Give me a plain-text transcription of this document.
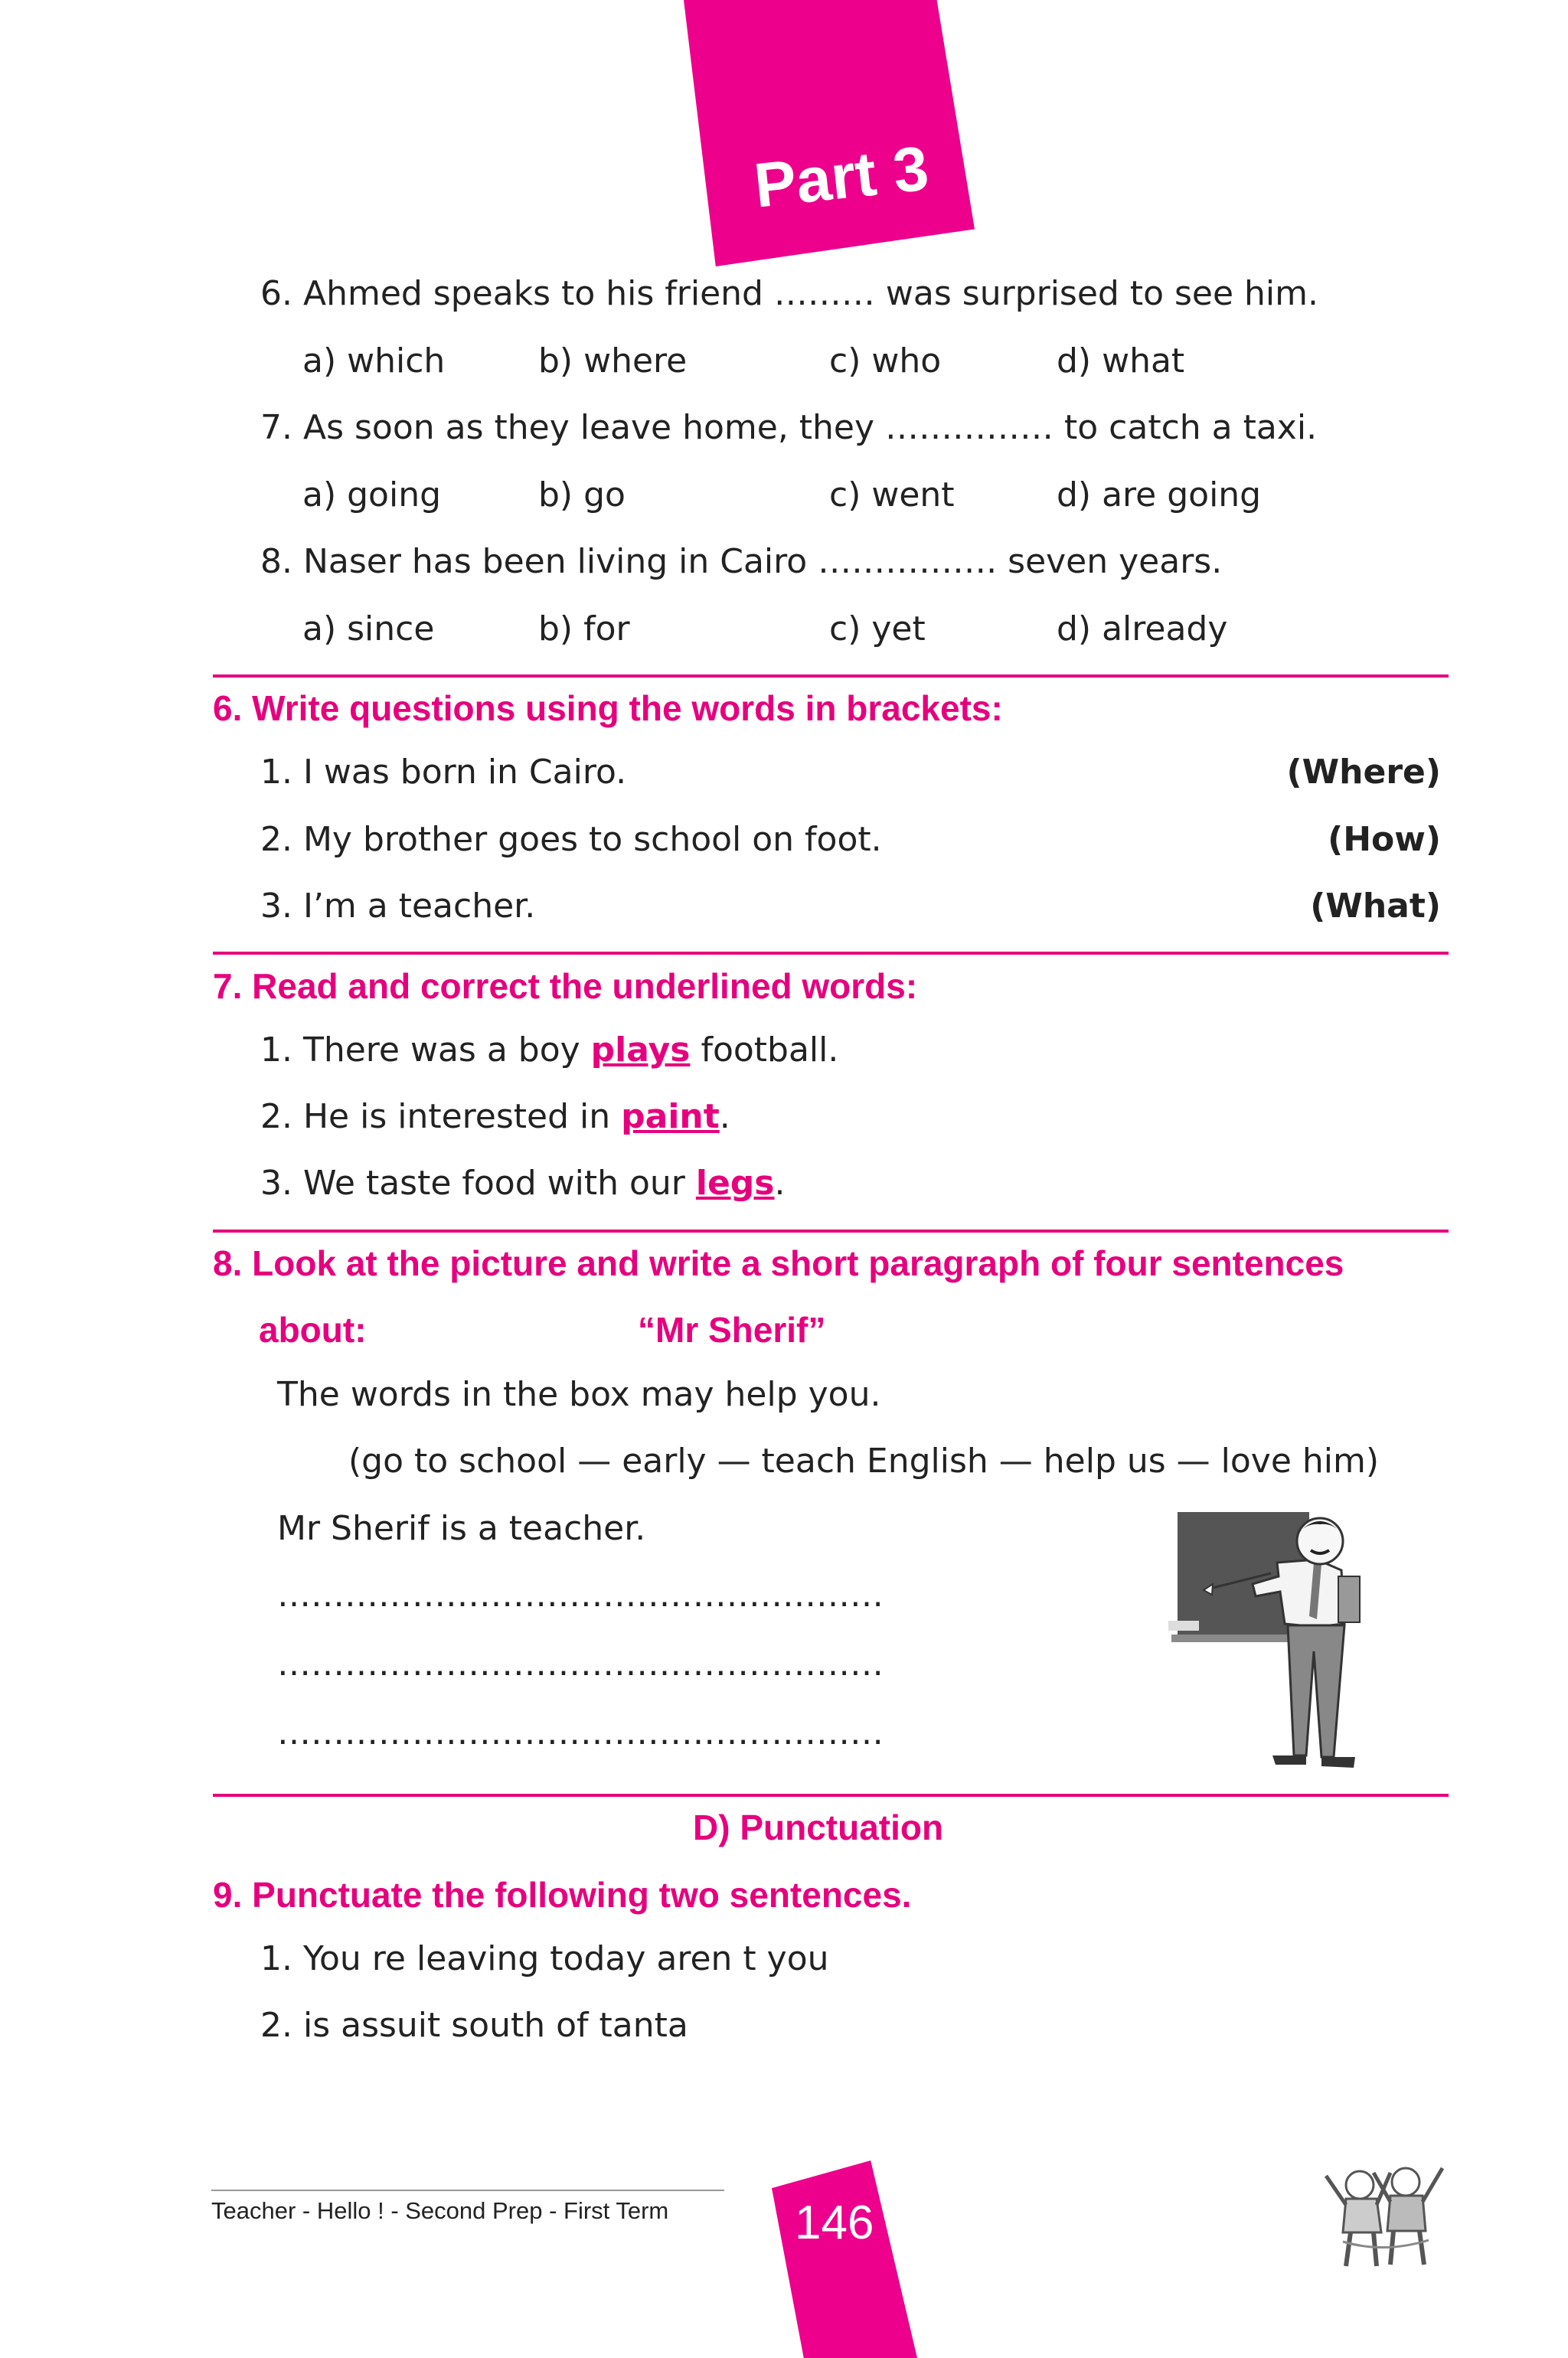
Part 3
6. Ahmed speaks to his friend ……… was surprised to see him.
a) which	b) where	c) who	d) what
7. As soon as they leave home, they …………… to catch a taxi.
a) going	b) go	c) went	d) are going
8. Naser has been living in Cairo ……………. seven years.
a) since	b) for	c) yet	d) already
6. Write questions using the words in brackets:
1. I was born in Cairo.	(Where)
2. My brother goes to school on foot.	(How)
3. I’m a teacher.	(What)
7. Read and correct the underlined words:
1. There was a boy plays football.
2. He is interested in paint.
3. We taste food with our legs.
8. Look at the picture and write a short paragraph of four sentences
about:	“Mr Sherif”
The words in the box may help you.
(go to school — early — teach English — help us — love him)
Mr Sherif is a teacher.
………………………………………………
………………………………………………
………………………………………………
D) Punctuation
9. Punctuate the following two sentences.
1. You re leaving today aren t you
2. is assuit south of tanta
Teacher - Hello ! - Second Prep - First Term	146
